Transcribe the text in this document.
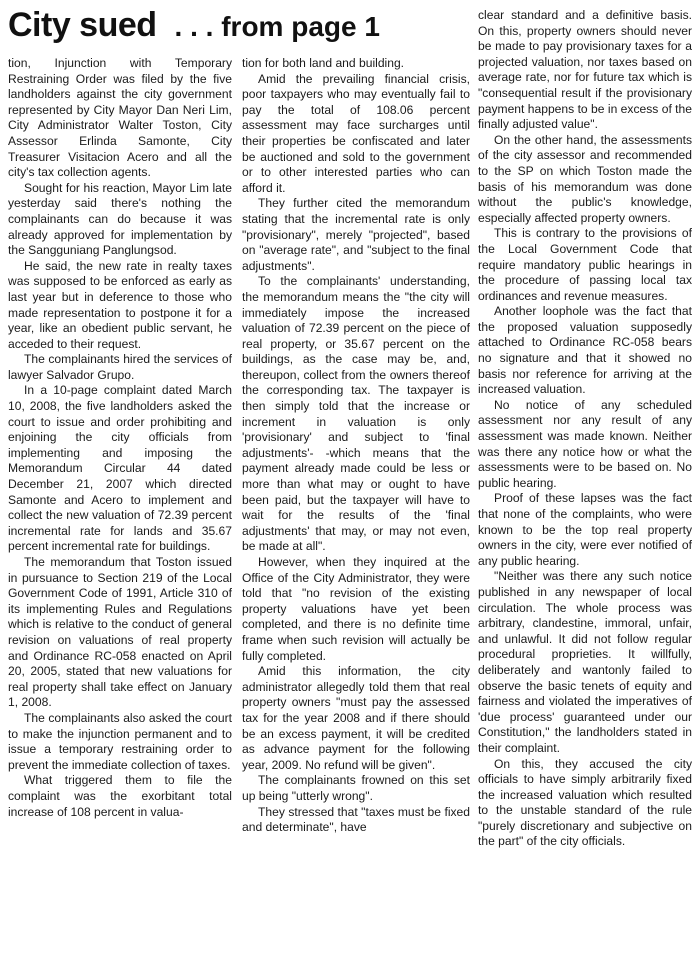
City sued . . . from page 1

tion, Injunction with Temporary Restraining Order was filed by the five landholders against the city government represented by City Mayor Dan Neri Lim, City Administrator Walter Toston, City Assessor Erlinda Samonte, City Treasurer Visitacion Acero and all the city's tax collection agents.

Sought for his reaction, Mayor Lim late yesterday said there's nothing the complainants can do because it was already approved for implementation by the Sangguniang Panglungsod.

He said, the new rate in realty taxes was supposed to be enforced as early as last year but in deference to those who made representation to postpone it for a year, like an obedient public servant, he acceded to their request.

The complainants hired the services of lawyer Salvador Grupo.

In a 10-page complaint dated March 10, 2008, the five landholders asked the court to issue and order prohibiting and enjoining the city officials from implementing and imposing the Memorandum Circular 44 dated December 21, 2007 which directed Samonte and Acero to implement and collect the new valuation of 72.39 percent incremental rate for lands and 35.67 percent incremental rate for buildings.

The memorandum that Toston issued in pursuance to Section 219 of the Local Government Code of 1991, Article 310 of its implementing Rules and Regulations which is relative to the conduct of general revision on valuations of real property and Ordinance RC-058 enacted on April 20, 2005, stated that new valuations for real property shall take effect on January 1, 2008.

The complainants also asked the court to make the injunction permanent and to issue a temporary restraining order to prevent the immediate collection of taxes.

What triggered them to file the complaint was the exorbitant total increase of 108 percent in valua-

tion for both land and building.

Amid the prevailing financial crisis, poor taxpayers who may eventually fail to pay the total of 108.06 percent assessment may face surcharges until their properties be confiscated and later be auctioned and sold to the government or to other interested parties who can afford it.

They further cited the memorandum stating that the incremental rate is only "provisionary", merely "projected", based on "average rate", and "subject to the final adjustments".

To the complainants' understanding, the memorandum means the "the city will immediately impose the increased valuation of 72.39 percent on the piece of real property, or 35.67 percent on the buildings, as the case may be, and, thereupon, collect from the owners thereof the corresponding tax. The taxpayer is then simply told that the increase or increment in valuation is only 'provisionary' and subject to 'final adjustments'- -which means that the payment already made could be less or more than what may or ought to have been paid, but the taxpayer will have to wait for the results of the 'final adjustments' that may, or may not even, be made at all".

However, when they inquired at the Office of the City Administrator, they were told that "no revision of the existing property valuations have yet been completed, and there is no definite time frame when such revision will actually be fully completed.

Amid this information, the city administrator allegedly told them that real property owners "must pay the assessed tax for the year 2008 and if there should be an excess payment, it will be credited as advance payment for the following year, 2009. No refund will be given".

The complainants frowned on this set up being "utterly wrong".

They stressed that "taxes must be fixed and determinate", have

clear standard and a definitive basis. On this, property owners should never be made to pay provisionary taxes for a projected valuation, nor taxes based on average rate, nor for future tax which is "consequential result if the provisionary payment happens to be in excess of the finally adjusted value".

On the other hand, the assessments of the city assessor and recommended to the SP on which Toston made the basis of his memorandum was done without the public's knowledge, especially affected property owners.

This is contrary to the provisions of the Local Government Code that require mandatory public hearings in the procedure of passing local tax ordinances and revenue measures.

Another loophole was the fact that the proposed valuation supposedly attached to Ordinance RC-058 bears no signature and that it showed no basis nor reference for arriving at the increased valuation.

No notice of any scheduled assessment nor any result of any assessment was made known. Neither was there any notice how or what the assessments were to be based on. No public hearing.

Proof of these lapses was the fact that none of the complaints, who were known to be the top real property owners in the city, were ever notified of any public hearing.

"Neither was there any such notice published in any newspaper of local circulation. The whole process was arbitrary, clandestine, immoral, unfair, and unlawful. It did not follow regular procedural proprieties. It willfully, deliberately and wantonly failed to observe the basic tenets of equity and fairness and violated the imperatives of 'due process' guaranteed under our Constitution," the landholders stated in their complaint.

On this, they accused the city officials to have simply arbitrarily fixed the increased valuation which resulted to the unstable standard of the rule "purely discretionary and subjective on the part" of the city officials.
